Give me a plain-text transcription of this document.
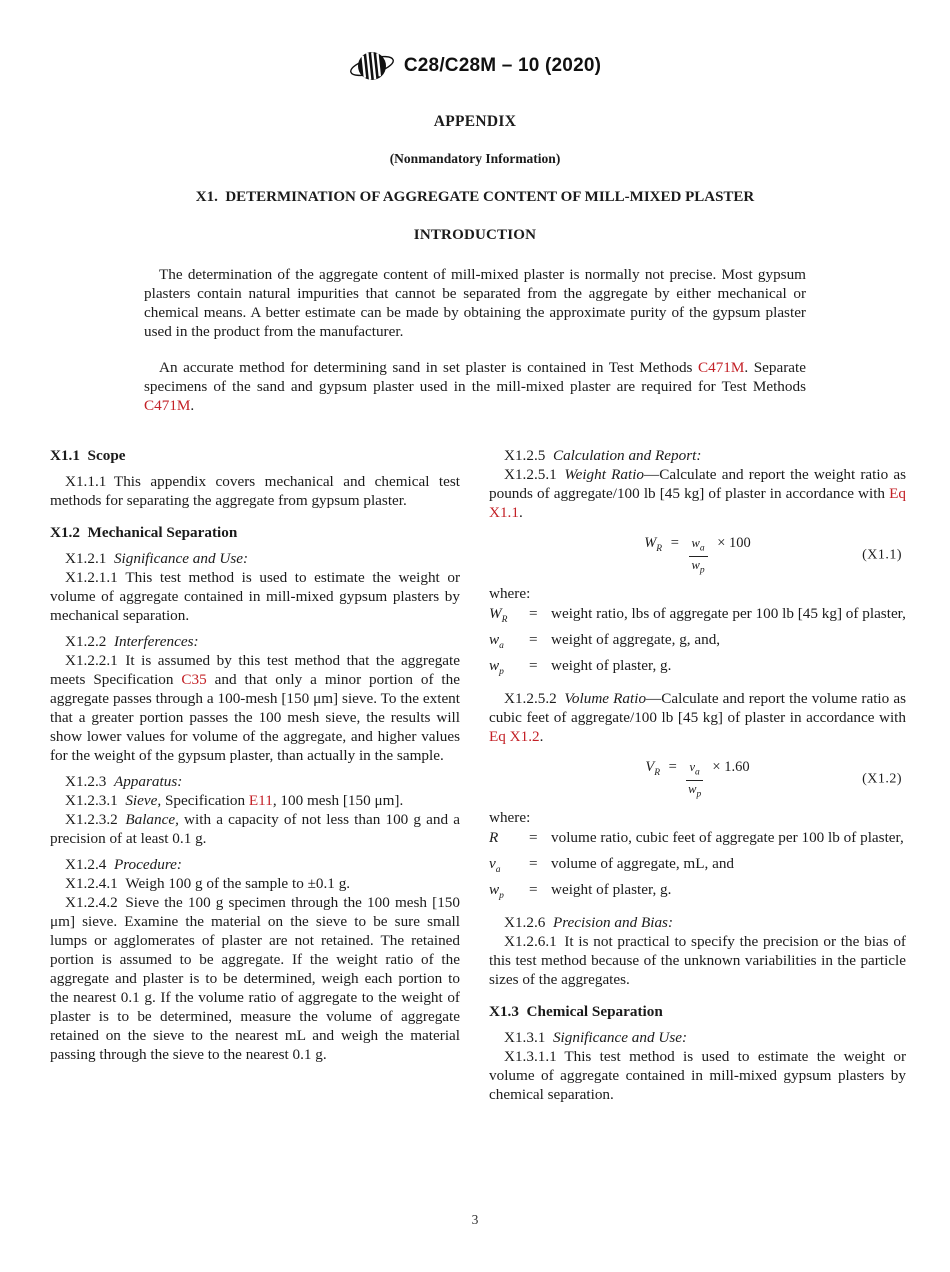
C28/C28M – 10 (2020)
APPENDIX
(Nonmandatory Information)
X1. DETERMINATION OF AGGREGATE CONTENT OF MILL-MIXED PLASTER
INTRODUCTION

The determination of the aggregate content of mill-mixed plaster is normally not precise. Most gypsum plasters contain natural impurities that cannot be separated from the aggregate by either mechanical or chemical means. A better estimate can be made by obtaining the approximate purity of the gypsum plaster used in the product from the manufacturer.

An accurate method for determining sand in set plaster is contained in Test Methods C471M. Separate specimens of the sand and gypsum plaster used in the mill-mixed plaster are required for Test Methods C471M.

X1.1 Scope

X1.1.1 This appendix covers mechanical and chemical test methods for separating the aggregate from gypsum plaster.

X1.2 Mechanical Separation

X1.2.1 Significance and Use:

X1.2.1.1 This test method is used to estimate the weight or volume of aggregate contained in mill-mixed gypsum plasters by mechanical separation.

X1.2.2 Interferences:

X1.2.2.1 It is assumed by this test method that the aggregate meets Specification C35 and that only a minor portion of the aggregate passes through a 100-mesh [150 μm] sieve. To the extent that a greater portion passes the 100 mesh sieve, the results will show lower values for volume of the aggregate, and higher values for the weight of the gypsum plaster, than actually in the sample.

X1.2.3 Apparatus:

X1.2.3.1 Sieve, Specification E11, 100 mesh [150 μm].

X1.2.3.2 Balance, with a capacity of not less than 100 g and a precision of at least 0.1 g.

X1.2.4 Procedure:

X1.2.4.1 Weigh 100 g of the sample to ±0.1 g.

X1.2.4.2 Sieve the 100 g specimen through the 100 mesh [150 μm] sieve. Examine the material on the sieve to be sure small lumps or agglomerates of plaster are not retained. The retained portion is assumed to be aggregate. If the weight ratio of the aggregate and plaster is to be determined, weigh each portion to the nearest 0.1 g. If the volume ratio of aggregate to the weight of plaster is to be determined, measure the volume of aggregate retained on the sieve to the nearest mL and weigh the material passing through the sieve to the nearest 0.1 g.

X1.2.5 Calculation and Report:

X1.2.5.1 Weight Ratio—Calculate and report the weight ratio as pounds of aggregate/100 lb [45 kg] of plaster in accordance with Eq X1.1.

$W_R = \frac{w_a}{w_p} \times 100$
(X1.1)
where:
$W_R$	= weight ratio, lbs of aggregate per 100 lb [45 kg] of plaster,
$w_a$	= weight of aggregate, g, and,
$w_p$	= weight of plaster, g.

X1.2.5.2 Volume Ratio—Calculate and report the volume ratio as cubic feet of aggregate/100 lb [45 kg] of plaster in accordance with Eq X1.2.

$V_R = \frac{v_a}{w_p} \times 1.60$
(X1.2)
where:
R	= volume ratio, cubic feet of aggregate per 100 lb of plaster,
$v_a$	= volume of aggregate, mL, and
$w_p$	= weight of plaster, g.

X1.2.6 Precision and Bias:

X1.2.6.1 It is not practical to specify the precision or the bias of this test method because of the unknown variabilities in the particle sizes of the aggregates.

X1.3 Chemical Separation

X1.3.1 Significance and Use:

X1.3.1.1 This test method is used to estimate the weight or volume of aggregate contained in mill-mixed gypsum plasters by chemical separation.

3
